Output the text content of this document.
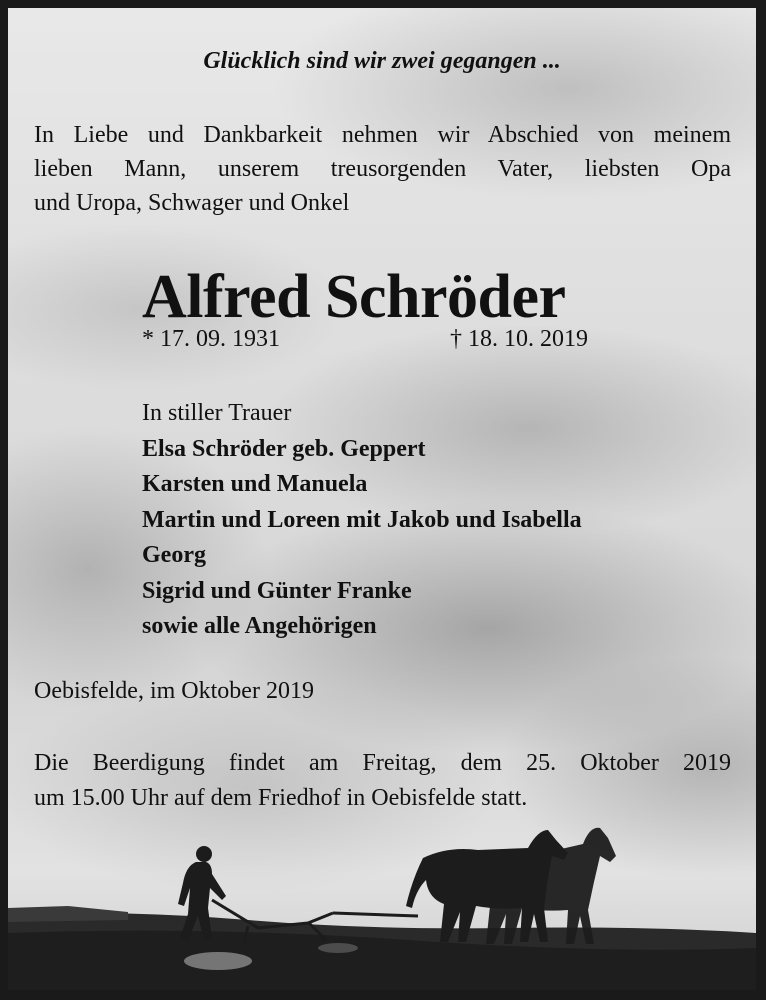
Glücklich sind wir zwei gegangen ...

In Liebe und Dankbarkeit nehmen wir Abschied von meinem
lieben Mann, unserem treusorgenden Vater, liebsten Opa
und Uropa, Schwager und Onkel
Alfred Schröder
* 17. 09. 1931	† 18. 10. 2019
In stiller Trauer
Elsa Schröder geb. Geppert
Karsten und Manuela
Martin und Loreen mit Jakob und Isabella
Georg
Sigrid und Günter Franke
sowie alle Angehörigen

Oebisfelde, im Oktober 2019

Die Beerdigung findet am Freitag, dem 25. Oktober 2019
um 15.00 Uhr auf dem Friedhof in Oebisfelde statt.
